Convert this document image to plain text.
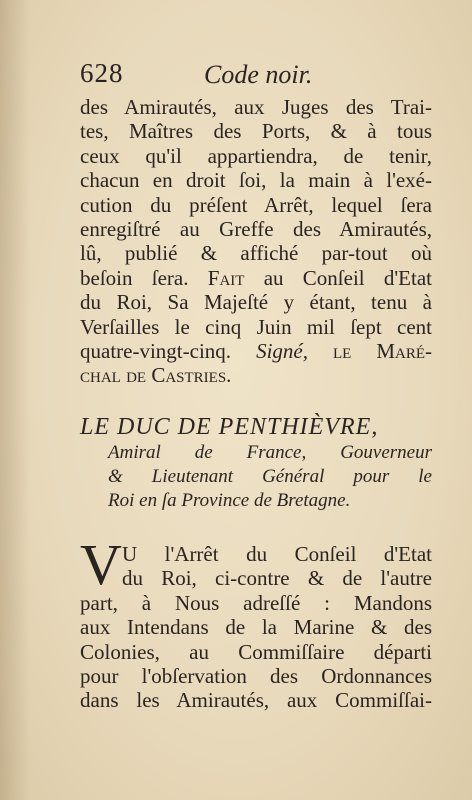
628	Code noir.
des Amirautés, aux Juges des Trai-
tes, Maîtres des Ports, & à tous
ceux qu'il appartiendra, de tenir,
chacun en droit ſoi, la main à l'exé-
cution du préſent Arrêt, lequel ſera
enregiſtré au Greffe des Amirautés,
lû, publié & affiché par-tout où
beſoin ſera. Fait au Conſeil d'Etat
du Roi, Sa Majeſté y étant, tenu à
Verſailles le cinq Juin mil ſept cent
quatre-vingt-cinq. Signé, le Maré-
chal de Castries.
LE DUC DE PENTHIÈVRE,
Amiral de France, Gouverneur
& Lieutenant Général pour le
Roi en ſa Province de Bretagne.
V U l'Arrêt du Conſeil d'Etat
du Roi, ci-contre & de l'autre
part, à Nous adreſſé : Mandons
aux Intendans de la Marine & des
Colonies, au Commiſſaire départi
pour l'obſervation des Ordonnances
dans les Amirautés, aux Commiſſai-
